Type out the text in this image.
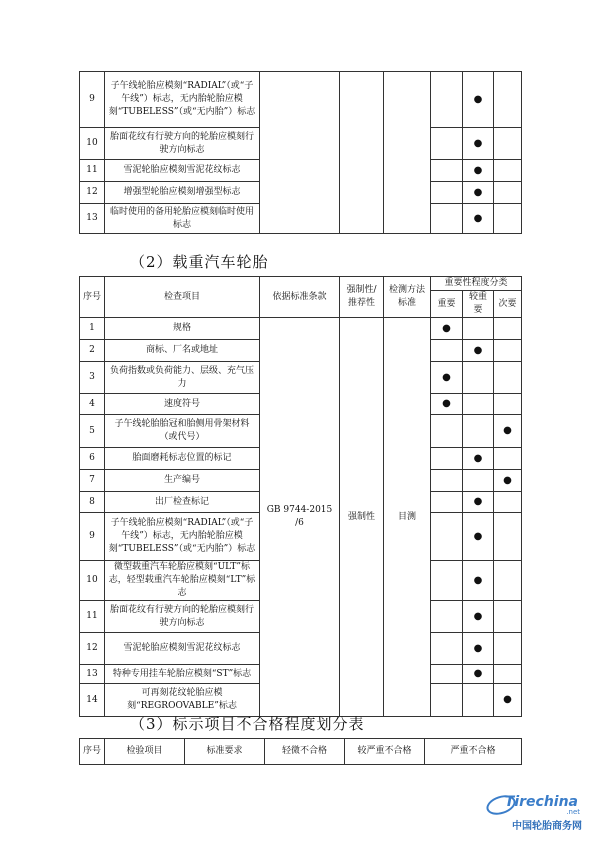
9	子午线轮胎应模刻“RADIAL”（或“子午线”）标志，无内胎轮胎应模刻“TUBELESS”（或“无内胎”）标志					●	
10	胎面花纹有行驶方向的轮胎应模刻行驶方向标志					●	
11	雪泥轮胎应模刻雪泥花纹标志					●	
12	增强型轮胎应模刻增强型标志					●	
13	临时使用的备用轮胎应模刻临时使用标志					●	
（2）载重汽车轮胎
序号	检查项目	依据标准条款	强制性/推荐性	检测方法标准	重要性程度分类		
					重要	较重要	次要
1	规格	GB 9744-2015 /6	强制性	目测	●		
2	商标、厂名或地址					●	
3	负荷指数或负荷能力、层级、充气压力				●		
4	速度符号				●		
5	子午线轮胎胎冠和胎侧用骨架材料（或代号）						●
6	胎面磨耗标志位置的标记					●	
7	生产编号						●
8	出厂检查标记					●	
9	子午线轮胎应模刻“RADIAL”（或“子午线”）标志，无内胎轮胎应模刻“TUBELESS”（或“无内胎”）标志					●	
10	微型载重汽车轮胎应模刻“ULT”标志，轻型载重汽车轮胎应模刻“LT”标志					●	
11	胎面花纹有行驶方向的轮胎应模刻行驶方向标志					●	
12	雪泥轮胎应模刻雪泥花纹标志					●	
13	特种专用挂车轮胎应模刻“ST”标志					●	
14	可再刻花纹轮胎应模刻“REGROOVABLE”标志						●
（3）标示项目不合格程度划分表
序号	检验项目	标准要求	轻微不合格	较严重不合格	严重不合格
Tirechina
.net
中国轮胎商务网
